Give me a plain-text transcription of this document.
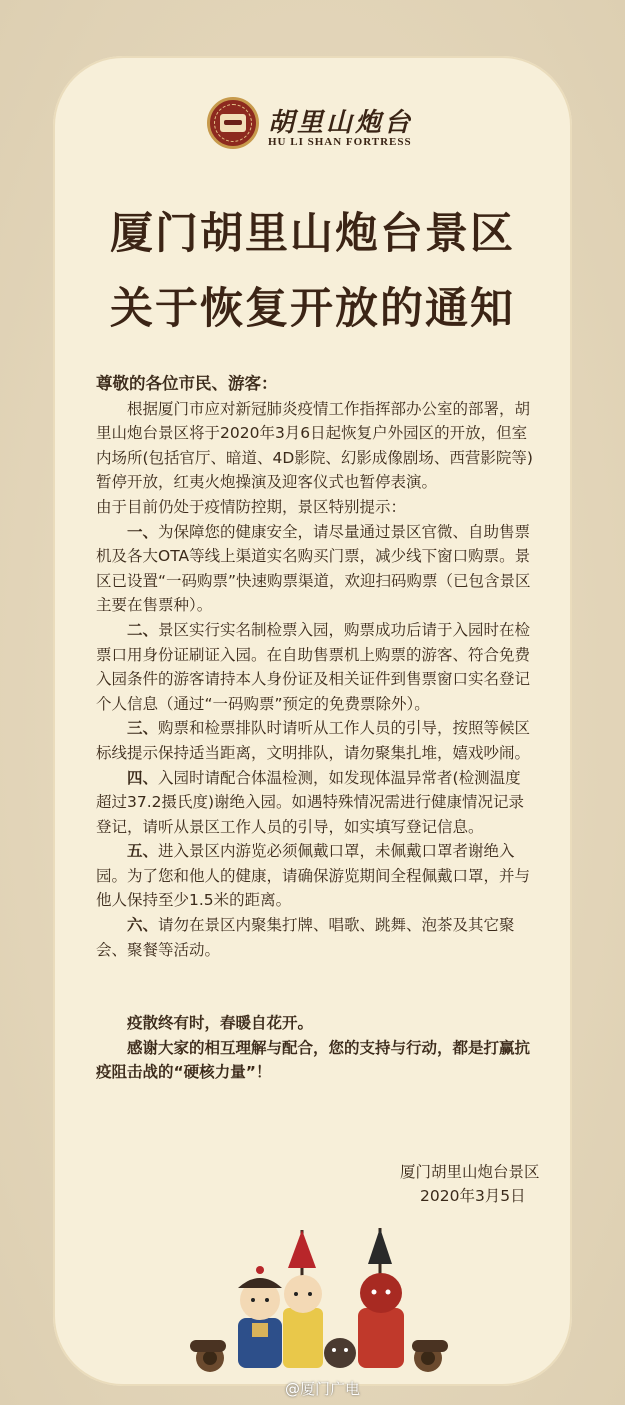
胡里山炮台
HU LI SHAN FORTRESS
厦门胡里山炮台景区
关于恢复开放的通知

尊敬的各位市民、游客：

根据厦门市应对新冠肺炎疫情工作指挥部办公室的部署，胡里山炮台景区将于2020年3月6日起恢复户外园区的开放，但室内场所(包括官厅、暗道、4D影院、幻影成像剧场、西营影院等)暂停开放，红夷火炮操演及迎客仪式也暂停表演。

由于目前仍处于疫情防控期，景区特别提示：

一、为保障您的健康安全，请尽量通过景区官微、自助售票机及各大OTA等线上渠道实名购买门票，减少线下窗口购票。景区已设置“一码购票”快速购票渠道，欢迎扫码购票（已包含景区主要在售票种）。

二、景区实行实名制检票入园，购票成功后请于入园时在检票口用身份证刷证入园。在自助售票机上购票的游客、符合免费入园条件的游客请持本人身份证及相关证件到售票窗口实名登记个人信息（通过“一码购票”预定的免费票除外）。

三、购票和检票排队时请听从工作人员的引导，按照等候区标线提示保持适当距离，文明排队，请勿聚集扎堆，嬉戏吵闹。

四、入园时请配合体温检测，如发现体温异常者(检测温度超过37.2摄氏度)谢绝入园。如遇特殊情况需进行健康情况记录登记，请听从景区工作人员的引导，如实填写登记信息。

五、进入景区内游览必须佩戴口罩，未佩戴口罩者谢绝入园。为了您和他人的健康，请确保游览期间全程佩戴口罩，并与他人保持至少1.5米的距离。

六、请勿在景区内聚集打牌、唱歌、跳舞、泡茶及其它聚会、聚餐等活动。

疫散终有时，春暖自花开。

感谢大家的相互理解与配合，您的支持与行动，都是打赢抗疫阻击战的“硬核力量”！

厦门胡里山炮台景区

2020年3月5日

@厦门广电
